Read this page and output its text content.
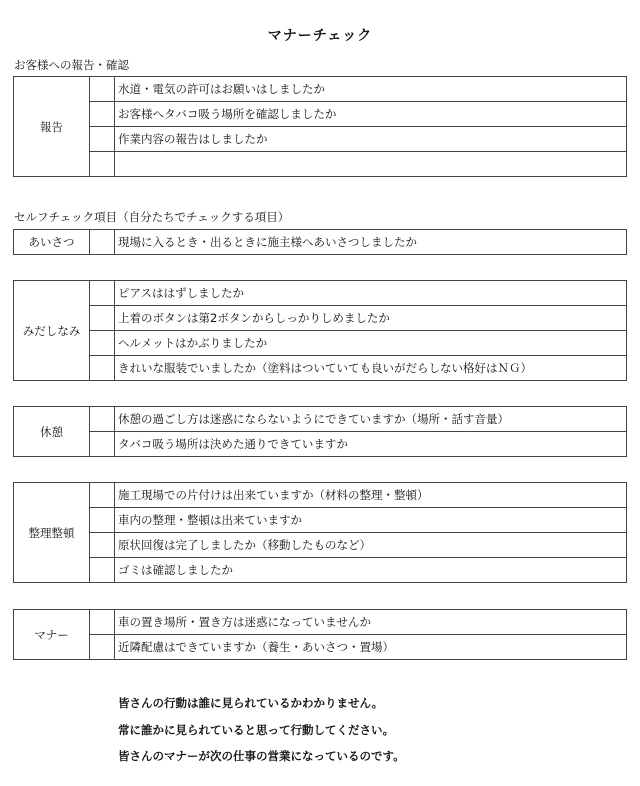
マナーチェック
お客様への報告・確認
報告		水道・電気の許可はお願いはしましたか
		お客様へタバコ吸う場所を確認しましたか
		作業内容の報告はしましたか

セルフチェック項目（自分たちでチェックする項目）
あいさつ		現場に入るとき・出るときに施主様へあいさつしましたか
みだしなみ		ピアスははずしましたか
		上着のボタンは第2ボタンからしっかりしめましたか
		ヘルメットはかぶりましたか
		きれいな服装でいましたか（塗料はついていても良いがだらしない格好はＮＧ）
休憩		休憩の過ごし方は迷惑にならないようにできていますか（場所・話す音量）
		タバコ吸う場所は決めた通りできていますか
整理整頓		施工現場での片付けは出来ていますか（材料の整理・整頓）
		車内の整理・整頓は出来ていますか
		原状回復は完了しましたか（移動したものなど）
		ゴミは確認しましたか
マナー		車の置き場所・置き方は迷惑になっていませんか
		近隣配慮はできていますか（養生・あいさつ・置場）
皆さんの行動は誰に見られているかわかりません。
常に誰かに見られていると思って行動してください。
皆さんのマナーが次の仕事の営業になっているのです。
